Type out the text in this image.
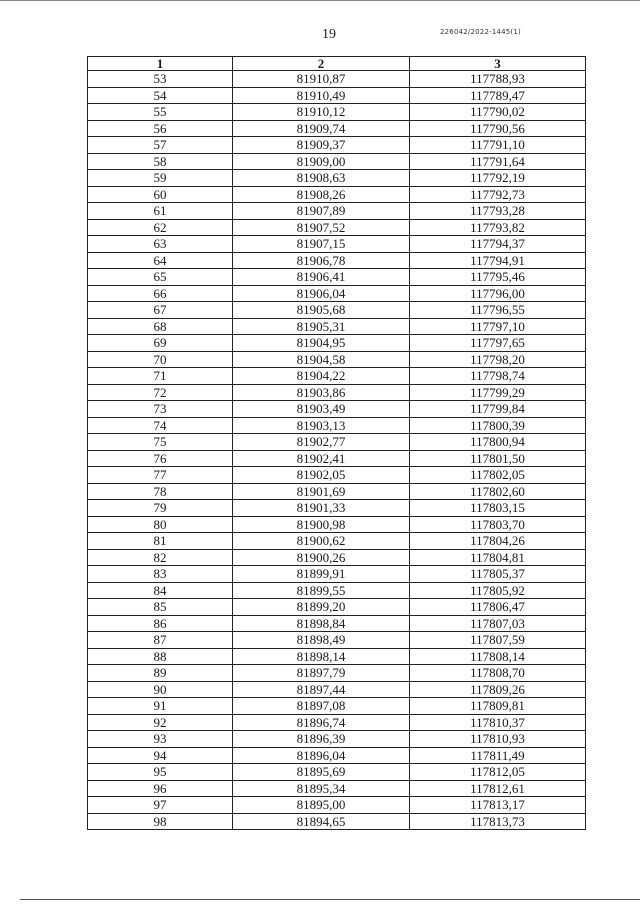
19	226042/2022-1445(1)
1	2	3
53	81910,87	117788,93
54	81910,49	117789,47
55	81910,12	117790,02
56	81909,74	117790,56
57	81909,37	117791,10
58	81909,00	117791,64
59	81908,63	117792,19
60	81908,26	117792,73
61	81907,89	117793,28
62	81907,52	117793,82
63	81907,15	117794,37
64	81906,78	117794,91
65	81906,41	117795,46
66	81906,04	117796,00
67	81905,68	117796,55
68	81905,31	117797,10
69	81904,95	117797,65
70	81904,58	117798,20
71	81904,22	117798,74
72	81903,86	117799,29
73	81903,49	117799,84
74	81903,13	117800,39
75	81902,77	117800,94
76	81902,41	117801,50
77	81902,05	117802,05
78	81901,69	117802,60
79	81901,33	117803,15
80	81900,98	117803,70
81	81900,62	117804,26
82	81900,26	117804,81
83	81899,91	117805,37
84	81899,55	117805,92
85	81899,20	117806,47
86	81898,84	117807,03
87	81898,49	117807,59
88	81898,14	117808,14
89	81897,79	117808,70
90	81897,44	117809,26
91	81897,08	117809,81
92	81896,74	117810,37
93	81896,39	117810,93
94	81896,04	117811,49
95	81895,69	117812,05
96	81895,34	117812,61
97	81895,00	117813,17
98	81894,65	117813,73
